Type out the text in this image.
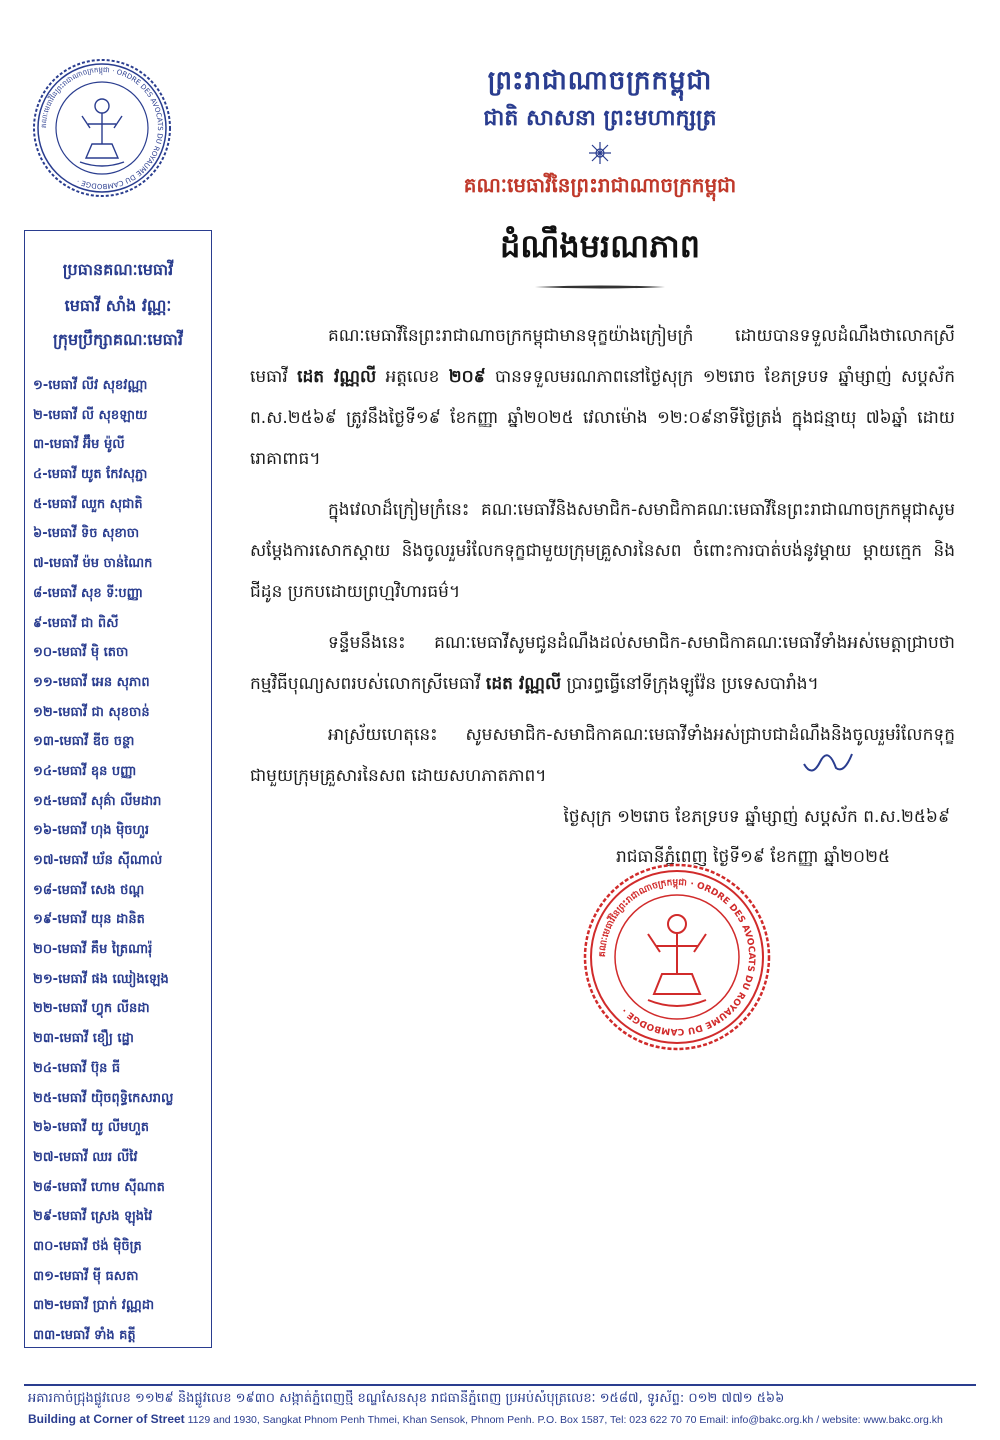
គណៈមេធាវីនៃព្រះរាជាណាចក្រកម្ពុជា · ORDRE DES AVOCATS DU ROYAUME DU CAMBODGE ·
ព្រះរាជាណាចក្រកម្ពុជា
ជាតិ សាសនា ព្រះមហាក្សត្រ
គណៈមេធាវីនៃព្រះរាជាណាចក្រកម្ពុជា
ដំណឹងមរណភាព
ប្រធានគណៈមេធាវី
មេធាវី សាំង វណ្ណៈ
ក្រុមប្រឹក្សាគណៈមេធាវី
១-មេធាវី លីវ សុខវណ្ណា
២-មេធាវី លី សុខឡាយ
៣-មេធាវី អ៊ឹម ម៉ូលី
៤-មេធាវី យូត កែវសុភ្ជា
៥-មេធាវី ឈួក សុជាតិ
៦-មេធាវី ទិច សុខាចា
៧-មេធាវី ម៉ម ចាន់ណៃក
៨-មេធាវី សុខ ទីៈបញ្ញា
៩-មេធាវី ជា ពិសី
១០-មេធាវី ម៉ិ តេចា
១១-មេធាវី អេន សុភាព
១២-មេធាវី ជា សុខចាន់
១៣-មេធាវី ឌីច ចន្ថា
១៤-មេធាវី ឧុន បញ្ញា
១៥-មេធាវី សុគ៌ា លីមដារា
១៦-មេធាវី ហុង ម៉ិចហួរ
១៧-មេធាវី ឃ័ន ស៊ីណាល់
១៨-មេធាវី សេង ថណ្ដ
១៩-មេធាវី យុន ដានិត
២០-មេធាវី គឹម ត្រៃណារ៉ុ
២១-មេធាវី ផង ឈៀងឡេង
២២-មេធាវី ហ្វុក លីនដា
២៣-មេធាវី ខឿ្យ ដ្ឋោ
២៤-មេធាវី ប៊ុន ធី
២៥-មេធាវី យ៉ិចពុទ្ធិកេសរាល្ល
២៦-មេធាវី យូ លីមហួត
២៧-មេធាវី ឈរ លីវៃ
២៨-មេធាវី ហោម ស៊ីណាត
២៩-មេធាវី ស្រេង ឡុងវៃ
៣០-មេធាវី ថង់ ម៉ិចិត្រ
៣១-មេធាវី ម៉ី ធសតា
៣២-មេធាវី ប្រាក់ វណ្ណដា
៣៣-មេធាវី ទាំង គត្តី

គណៈមេធាវីនៃព្រះរាជាណាចក្រកម្ពុជាមានទុក្ខយ៉ាងក្រៀមក្រំ ដោយបានទទួលដំណឹងថាលោកស្រីមេធាវី ដេត វណ្ណលី អត្តលេខ ២០៩ បានទទួលមរណភាពនៅថ្ងៃសុក្រ ១២រោច ខែភទ្របទ ឆ្នាំម្សាញ់ សប្តស័ក ព.ស.២៥៦៩ ត្រូវនឹងថ្ងៃទី១៩ ខែកញ្ញា ឆ្នាំ២០២៥ វេលាម៉ោង ១២:០៩នាទីថ្ងៃត្រង់ ក្នុងជន្មាយុ ៧៦ឆ្នាំ ដោយរោគាពាធ។

ក្នុងវេលាដ៏ក្រៀមក្រំនេះ គណៈមេធាវីនិងសមាជិក-សមាជិកាគណៈមេធាវីនៃព្រះរាជាណាចក្រកម្ពុជាសូមសម្ដែងការសោកស្ដាយ និងចូលរួមរំលែកទុក្ខជាមួយក្រុមគ្រួសារនៃសព ចំពោះការបាត់បង់នូវម្ដាយ ម្ដាយក្មេក និងជីដូន ប្រកបដោយព្រហ្មវិហារធម៌។

ទន្ទឹមនឹងនេះ គណៈមេធាវីសូមជូនដំណឹងដល់សមាជិក-សមាជិកាគណៈមេធាវីទាំងអស់មេត្តាជ្រាបថា កម្មវិធីបុណ្យសពរបស់លោកស្រីមេធាវី ដេត វណ្ណលី ប្រារព្ធធ្វើនៅទីក្រុងឡូវ៉ែន ប្រទេសបារាំង។

អាស្រ័យហេតុនេះ សូមសមាជិក-សមាជិកាគណៈមេធាវីទាំងអស់ជ្រាបជាដំណឹងនិងចូលរួមរំលែកទុក្ខជាមួយក្រុមគ្រួសារនៃសព ដោយសហភាតភាព។

ថ្ងៃសុក្រ ១២រោច ខែភទ្របទ ឆ្នាំម្សាញ់ សប្តស័ក ព.ស.២៥៦៩
រាជធានីភ្នំពេញ ថ្ងៃទី១៩ ខែកញ្ញា ឆ្នាំ២០២៥
គណៈមេធាវីនៃព្រះរាជាណាចក្រកម្ពុជា · ORDRE DES AVOCATS DU ROYAUME DU CAMBODGE ·
អគារកាច់ជ្រុងផ្លូវលេខ ១១២៩ និងផ្លូវលេខ ១៩៣០ សង្កាត់ភ្នំពេញថ្មី ខណ្ឌសែនសុខ រាជធានីភ្នំពេញ ប្រអប់សំបុត្រលេខៈ ១៥៨៧, ទូរស័ព្ទ: ០១២ ៧៧១ ៥៦៦
Building at Corner of Street 1129 and 1930, Sangkat Phnom Penh Thmei, Khan Sensok, Phnom Penh. P.O. Box 1587, Tel: 023 622 70 70 Email: info@bakc.org.kh / website: www.bakc.org.kh
